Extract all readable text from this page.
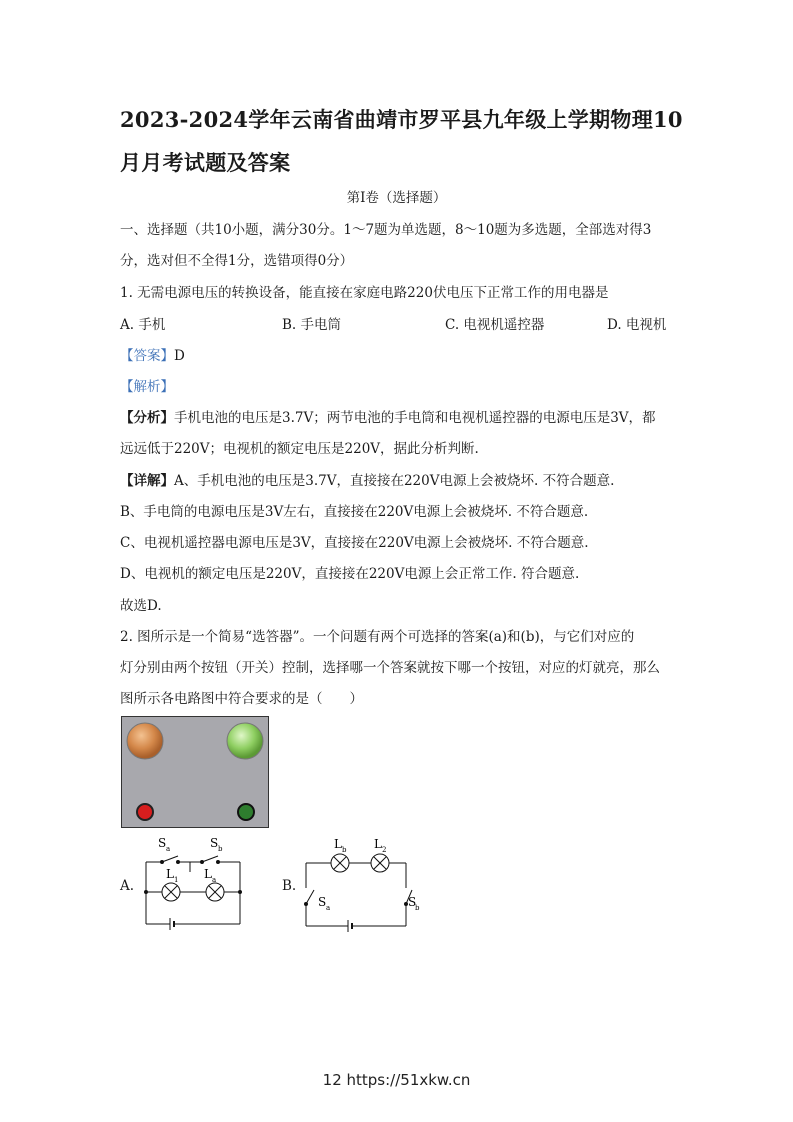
2023-2024学年云南省曲靖市罗平县九年级上学期物理10
月月考试题及答案
第Ⅰ卷（选择题）
一、选择题（共10小题，满分30分。1～7题为单选题，8～10题为多选题，全部选对得3
分，选对但不全得1分，选错项得0分）
1. 无需电源电压的转换设备，能直接在家庭电路220伏电压下正常工作的用电器是
A. 手机	B. 手电筒	C. 电视机遥控器	D. 电视机
【答案】D
【解析】
【分析】手机电池的电压是3.7V；两节电池的手电筒和电视机遥控器的电源电压是3V，都
远远低于220V；电视机的额定电压是220V，据此分析判断.
【详解】A、手机电池的电压是3.7V，直接接在220V电源上会被烧坏. 不符合题意.
B、手电筒的电源电压是3V左右，直接接在220V电源上会被烧坏. 不符合题意.
C、电视机遥控器电源电压是3V，直接接在220V电源上会被烧坏. 不符合题意.
D、电视机的额定电压是220V，直接接在220V电源上会正常工作. 符合题意.
故选D.
2. 图所示是一个简易“选答器”。一个问题有两个可选择的答案(a)和(b)，与它们对应的
灯分别由两个按钮（开关）控制，选择哪一个答案就按下哪一个按钮，对应的灯就亮，那么
图所示各电路图中符合要求的是（　　）
A.
S a	S b
L 1 L a	B.
L b L 2
S a	S
b
12 https://51xkw.cn
